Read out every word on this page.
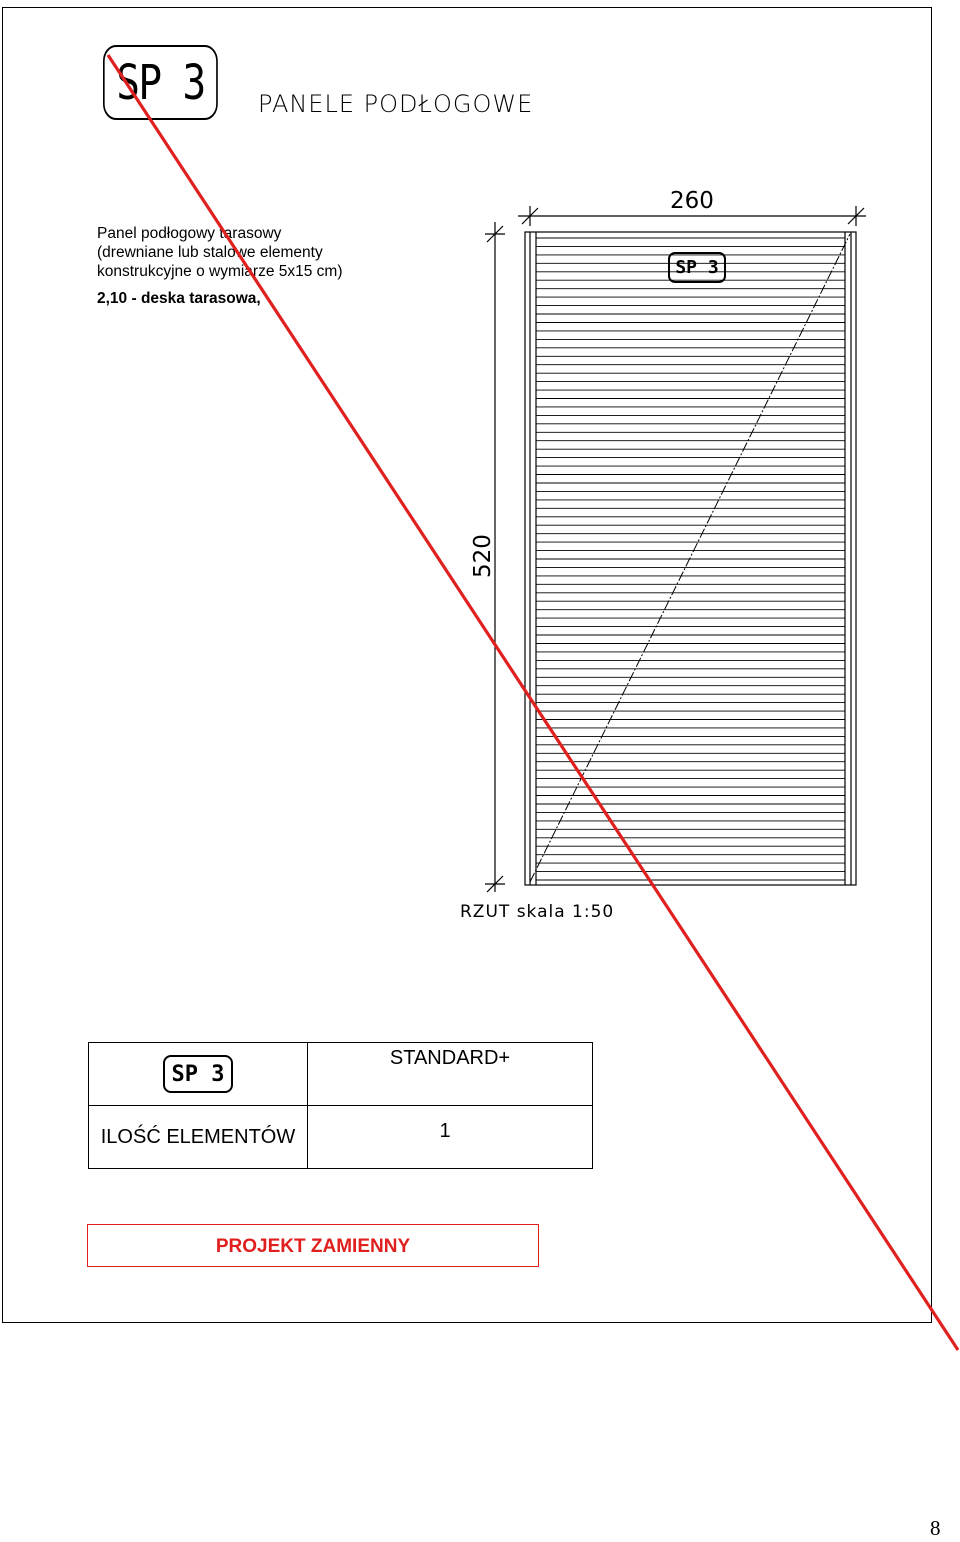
SP 3	PANELE PODŁOGOWE
Panel podłogowy tarasowy
(drewniane lub stalowe elementy
konstrukcyjne o wymiarze 5x15 cm)
2,10 - deska tarasowa,
260
520
SP 3
RZUT skala 1:50
SP 3	STANDARD+
ILOŚĆ ELEMENTÓW	1
PROJEKT ZAMIENNY
8
